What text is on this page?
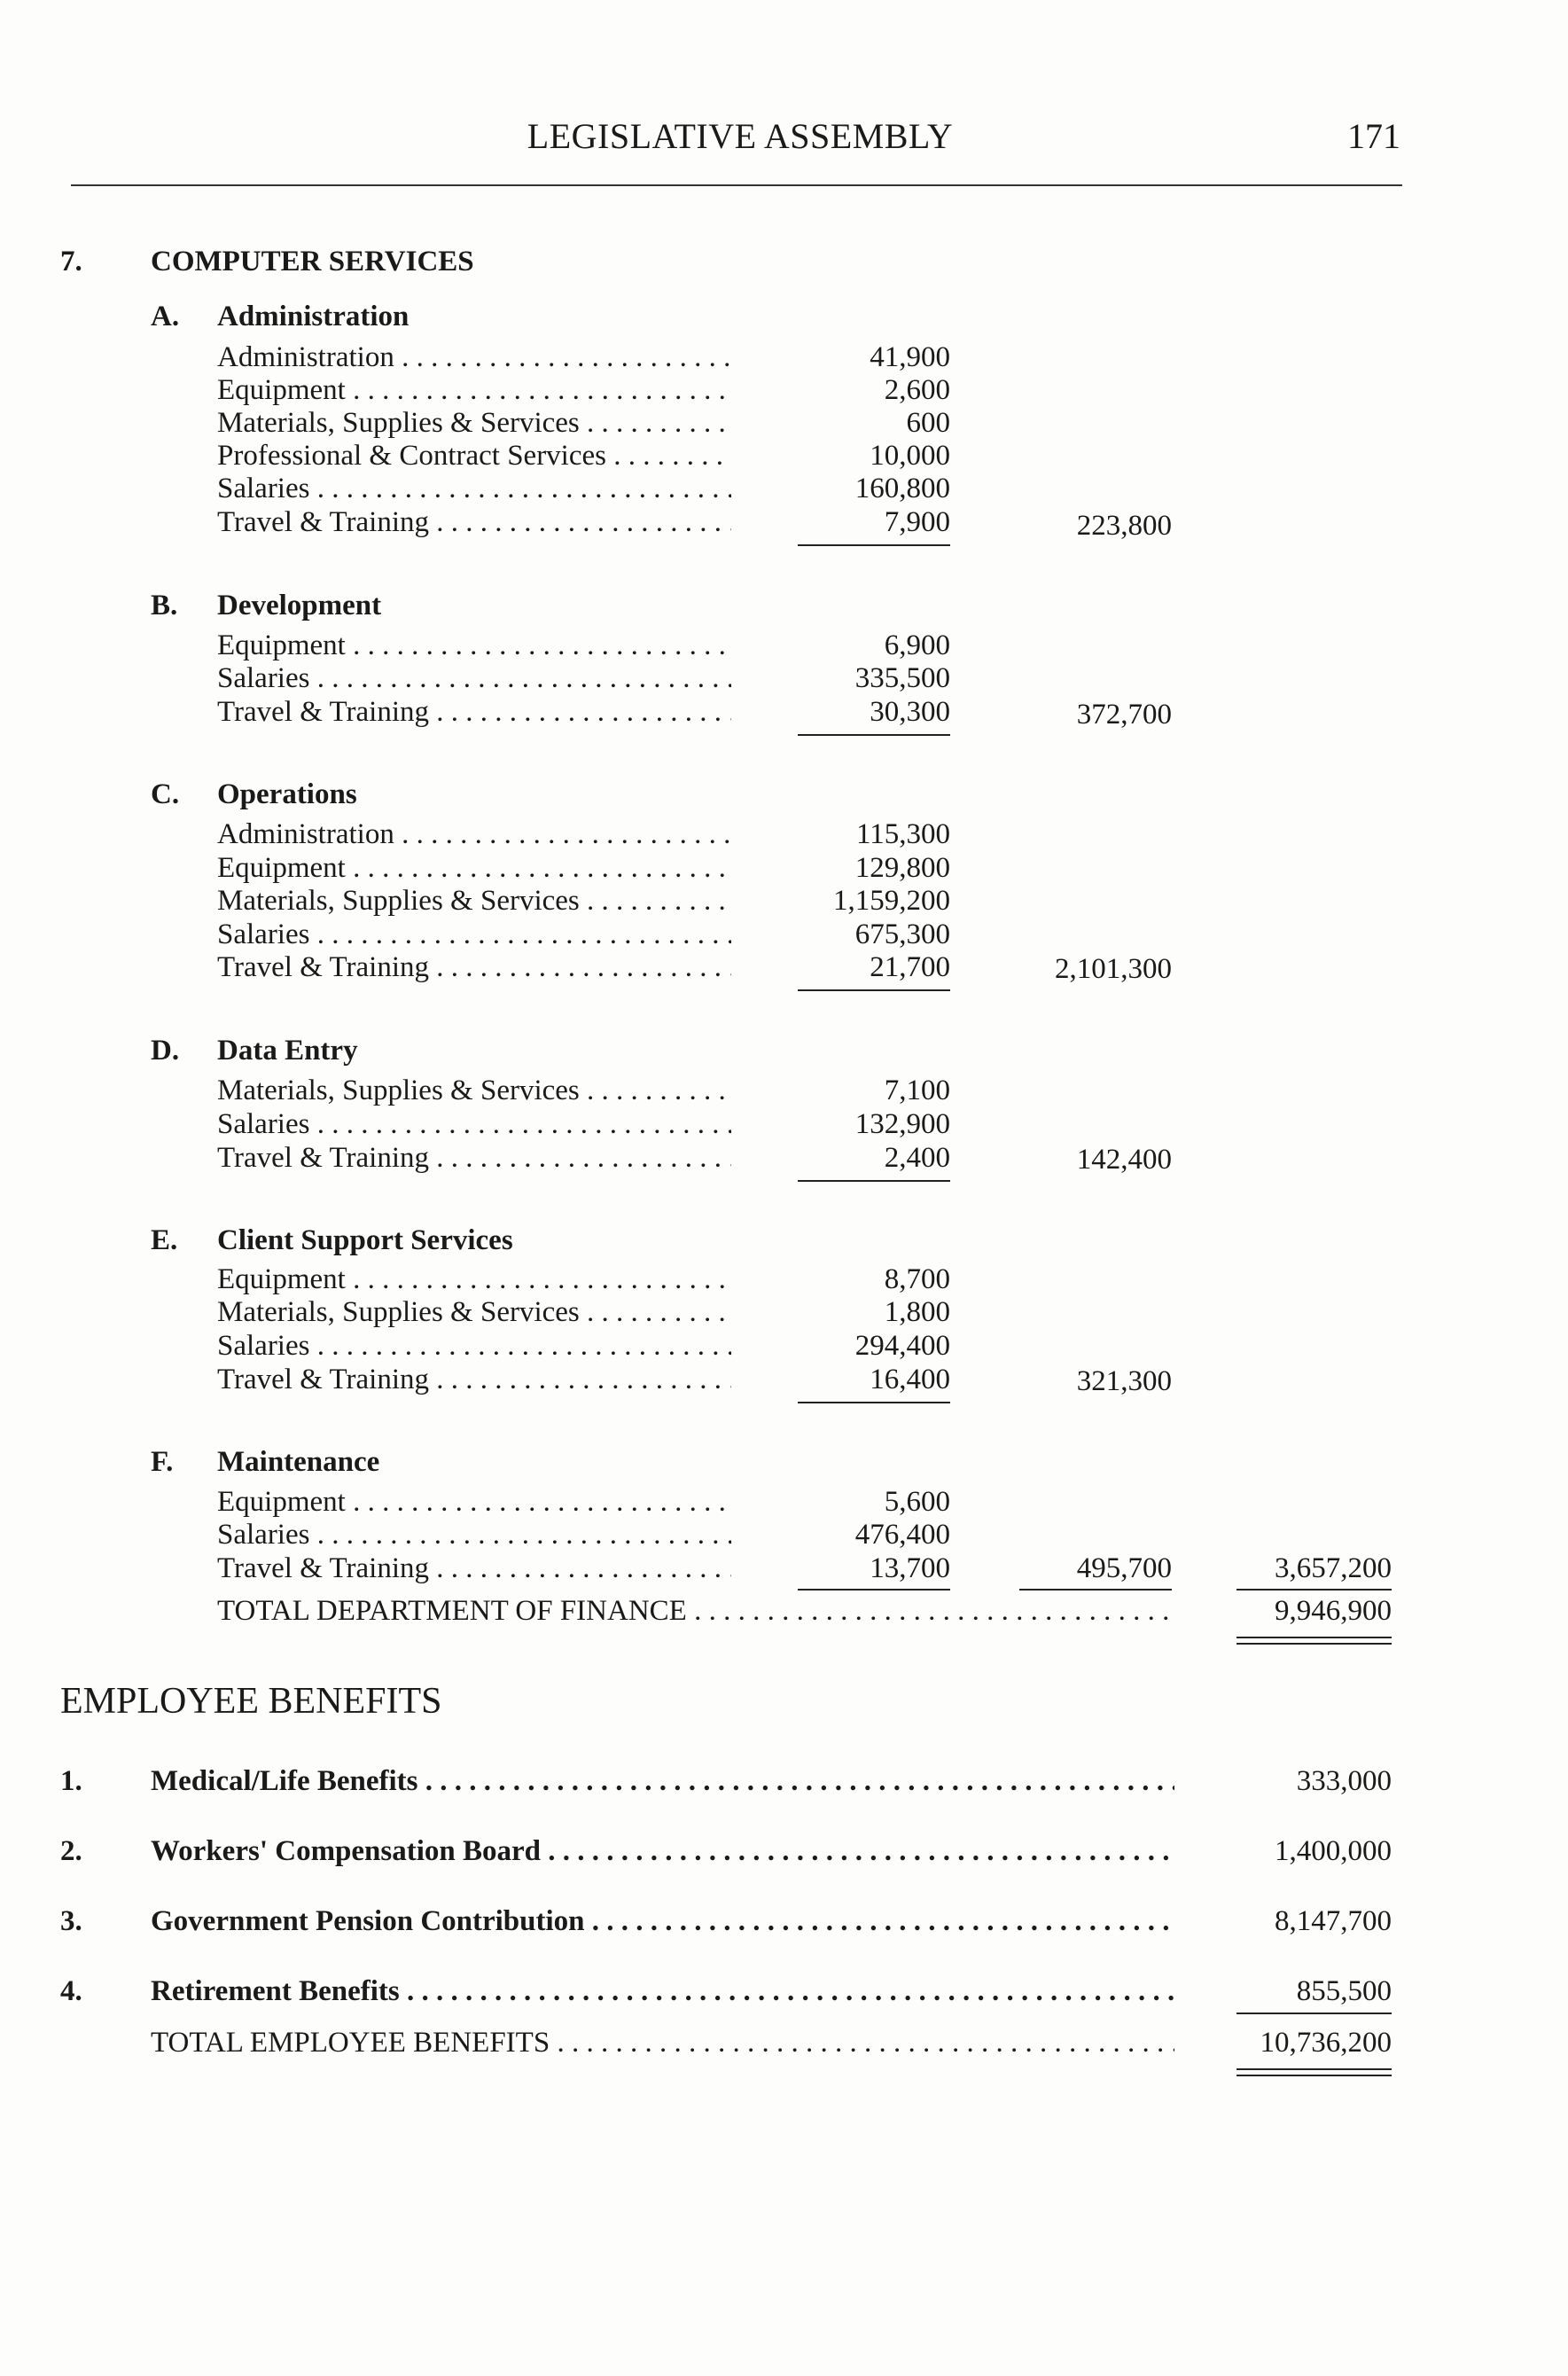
LEGISLATIVE ASSEMBLY	171
7. COMPUTER SERVICES
A. Administration
Administration . . .	41,900
Equipment . . .	2,600
Materials, Supplies & Services . . .	600
Professional & Contract Services . . .	10,000
Salaries . . .	160,800
Travel & Training . . .	7,900	223,800
B. Development
Equipment . . .	6,900
Salaries . . .	335,500
Travel & Training . . .	30,300	372,700
C. Operations
Administration . . .	115,300
Equipment . . .	129,800
Materials, Supplies & Services . . .	1,159,200
Salaries . . .	675,300
Travel & Training . . .	21,700	2,101,300
D. Data Entry
Materials, Supplies & Services . . .	7,100
Salaries . . .	132,900
Travel & Training . . .	2,400	142,400
E. Client Support Services
Equipment . . .	8,700
Materials, Supplies & Services . . .	1,800
Salaries . . .	294,400
Travel & Training . . .	16,400	321,300
F. Maintenance
Equipment . . .	5,600
Salaries . . .	476,400
Travel & Training . . .	13,700	495,700	3,657,200
TOTAL DEPARTMENT OF FINANCE . . .	9,946,900
EMPLOYEE BENEFITS
1. Medical/Life Benefits . . .	333,000
2. Workers' Compensation Board . . .	1,400,000
3. Government Pension Contribution . . .	8,147,700
4. Retirement Benefits . . .	855,500
TOTAL EMPLOYEE BENEFITS . . .	10,736,200
